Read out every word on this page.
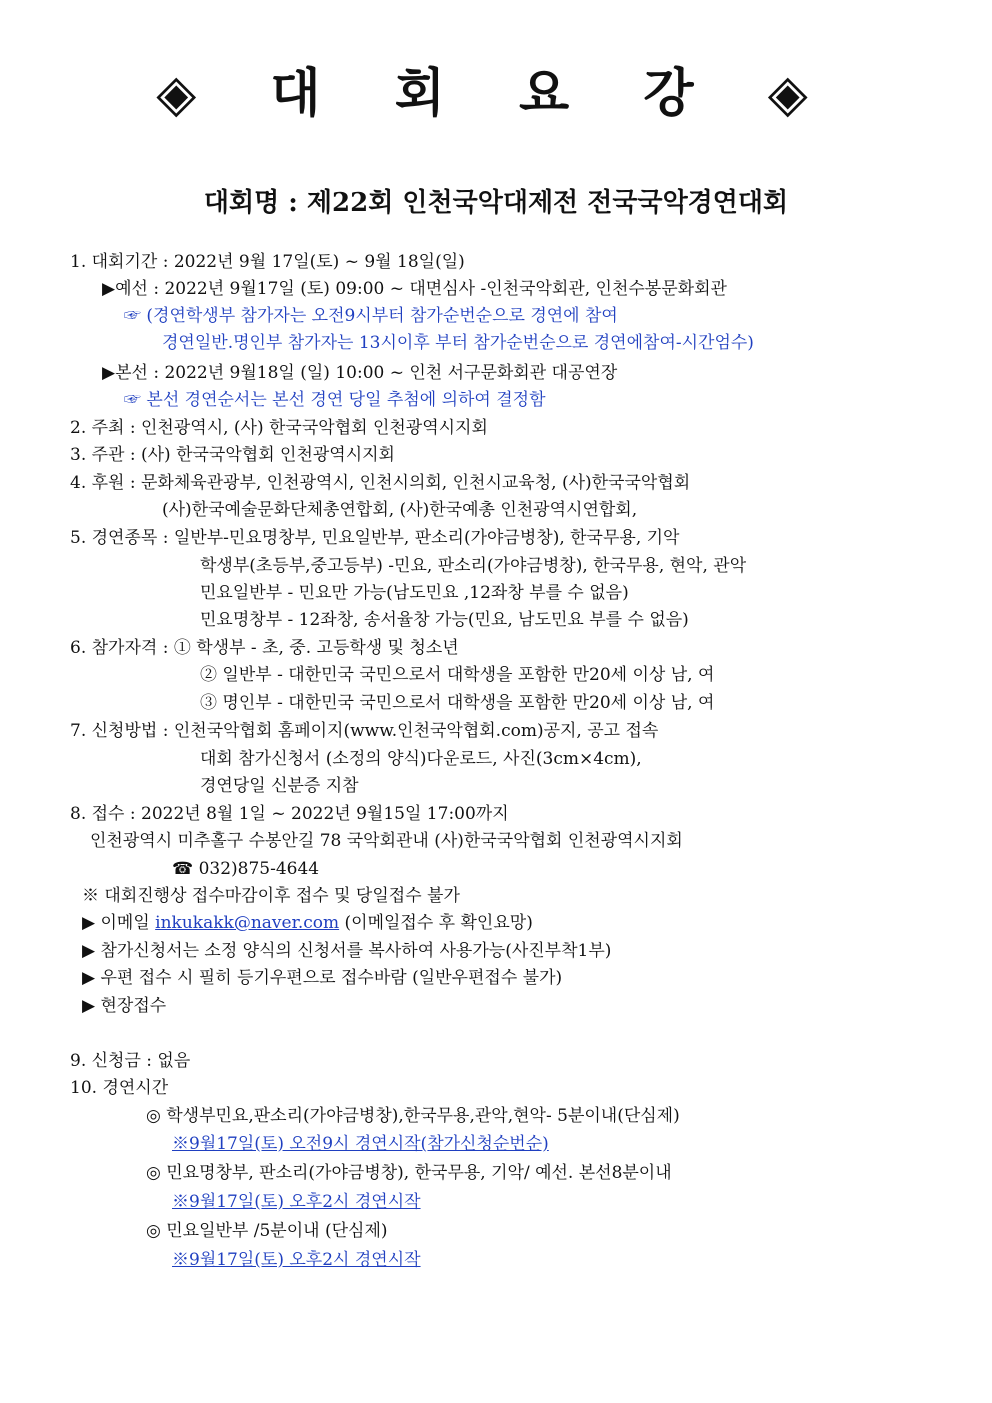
◈ 대 회 요 강 ◈
대회명 : 제22회 인천국악대제전 전국국악경연대회
1. 대회기간 : 2022년 9월 17일(토) ~ 9월 18일(일)
▶예선 : 2022년 9월17일 (토) 09:00 ~ 대면심사 -인천국악회관, 인천수봉문화회관
☞ (경연학생부 참가자는 오전9시부터 참가순번순으로 경연에 참여
경연일반.명인부 참가자는 13시이후 부터 참가순번순으로 경연에참여-시간엄수)
▶본선 : 2022년 9월18일 (일) 10:00 ~ 인천 서구문화회관 대공연장
☞ 본선 경연순서는 본선 경연 당일 추첨에 의하여 결정함
2. 주최 : 인천광역시, (사) 한국국악협회 인천광역시지회
3. 주관 : (사) 한국국악협회 인천광역시지회
4. 후원 : 문화체육관광부, 인천광역시, 인천시의회, 인천시교육청, (사)한국국악협회
(사)한국예술문화단체총연합회, (사)한국예총 인천광역시연합회,
5. 경연종목 : 일반부-민요명창부, 민요일반부, 판소리(가야금병창), 한국무용, 기악
학생부(초등부,중고등부) -민요, 판소리(가야금병창), 한국무용, 현악, 관악
민요일반부 - 민요만 가능(남도민요 ,12좌창 부를 수 없음)
민요명창부 - 12좌창, 송서율창 가능(민요, 남도민요 부를 수 없음)
6. 참가자격 : ① 학생부 - 초, 중. 고등학생 및 청소년
② 일반부 - 대한민국 국민으로서 대학생을 포함한 만20세 이상 남, 여
③ 명인부 - 대한민국 국민으로서 대학생을 포함한 만20세 이상 남, 여
7. 신청방법 : 인천국악협회 홈페이지(www.인천국악협회.com)공지, 공고 접속
대회 참가신청서 (소정의 양식)다운로드, 사진(3cm×4cm),
경연당일 신분증 지참
8. 접수 : 2022년 8월 1일 ~ 2022년 9월15일 17:00까지
인천광역시 미추홀구 수봉안길 78 국악회관내 (사)한국국악협회 인천광역시지회
☎ 032)875-4644
※ 대회진행상 접수마감이후 접수 및 당일접수 불가
▶ 이메일 inkukakk@naver.com (이메일접수 후 확인요망)
▶ 참가신청서는 소정 양식의 신청서를 복사하여 사용가능(사진부착1부)
▶ 우편 접수 시 필히 등기우편으로 접수바람 (일반우편접수 불가)
▶ 현장접수
9. 신청금 : 없음
10. 경연시간
◎ 학생부민요,판소리(가야금병창),한국무용,관악,현악- 5분이내(단심제)
※9월17일(토) 오전9시 경연시작(참가신청순번순)
◎ 민요명창부, 판소리(가야금병창), 한국무용, 기악/ 예선. 본선8분이내
※9월17일(토) 오후2시 경연시작
◎ 민요일반부 /5분이내 (단심제)
※9월17일(토) 오후2시 경연시작
